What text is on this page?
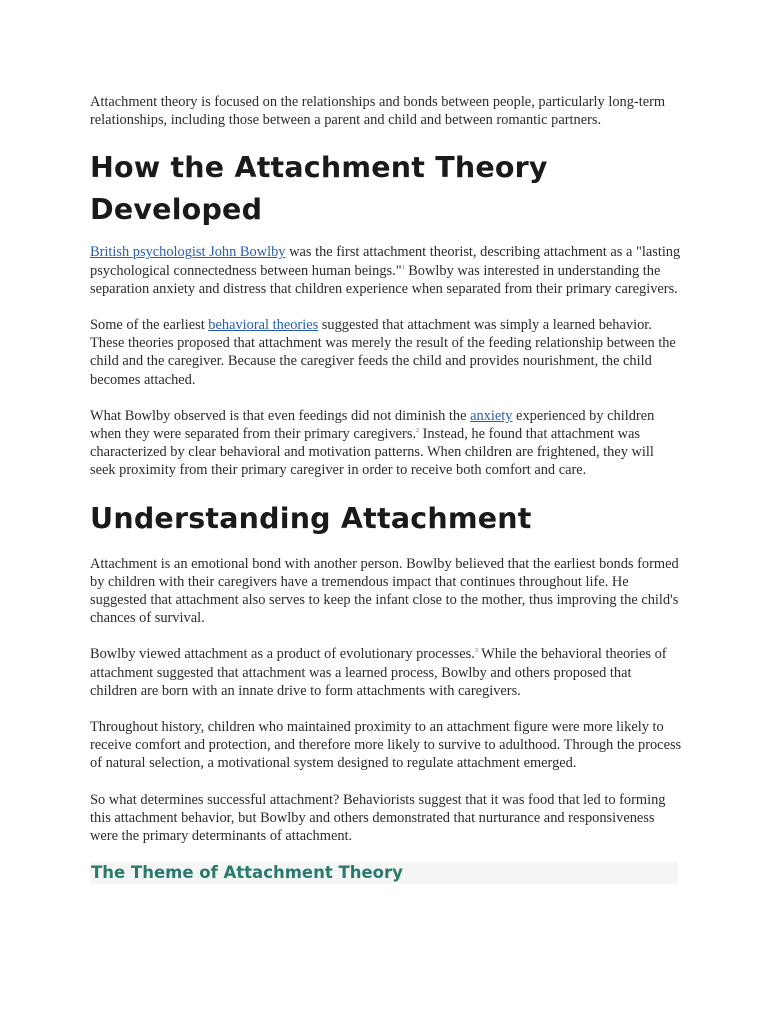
Attachment theory is focused on the relationships and bonds between people, particularly long-term relationships, including those between a parent and child and between romantic partners.

How the Attachment Theory Developed

British psychologist John Bowlby was the first attachment theorist, describing attachment as a "lasting psychological connectedness between human beings."$^1$ Bowlby was interested in understanding the separation anxiety and distress that children experience when separated from their primary caregivers.

Some of the earliest behavioral theories suggested that attachment was simply a learned behavior. These theories proposed that attachment was merely the result of the feeding relationship between the child and the caregiver. Because the caregiver feeds the child and provides nourishment, the child becomes attached.

What Bowlby observed is that even feedings did not diminish the anxiety experienced by children when they were separated from their primary caregivers.$^2$ Instead, he found that attachment was characterized by clear behavioral and motivation patterns. When children are frightened, they will seek proximity from their primary caregiver in order to receive both comfort and care.

Understanding Attachment

Attachment is an emotional bond with another person. Bowlby believed that the earliest bonds formed by children with their caregivers have a tremendous impact that continues throughout life. He suggested that attachment also serves to keep the infant close to the mother, thus improving the child's chances of survival.

Bowlby viewed attachment as a product of evolutionary processes.$^3$ While the behavioral theories of attachment suggested that attachment was a learned process, Bowlby and others proposed that children are born with an innate drive to form attachments with caregivers.

Throughout history, children who maintained proximity to an attachment figure were more likely to receive comfort and protection, and therefore more likely to survive to adulthood. Through the process of natural selection, a motivational system designed to regulate attachment emerged.

So what determines successful attachment? Behaviorists suggest that it was food that led to forming this attachment behavior, but Bowlby and others demonstrated that nurturance and responsiveness were the primary determinants of attachment.

The Theme of Attachment Theory
